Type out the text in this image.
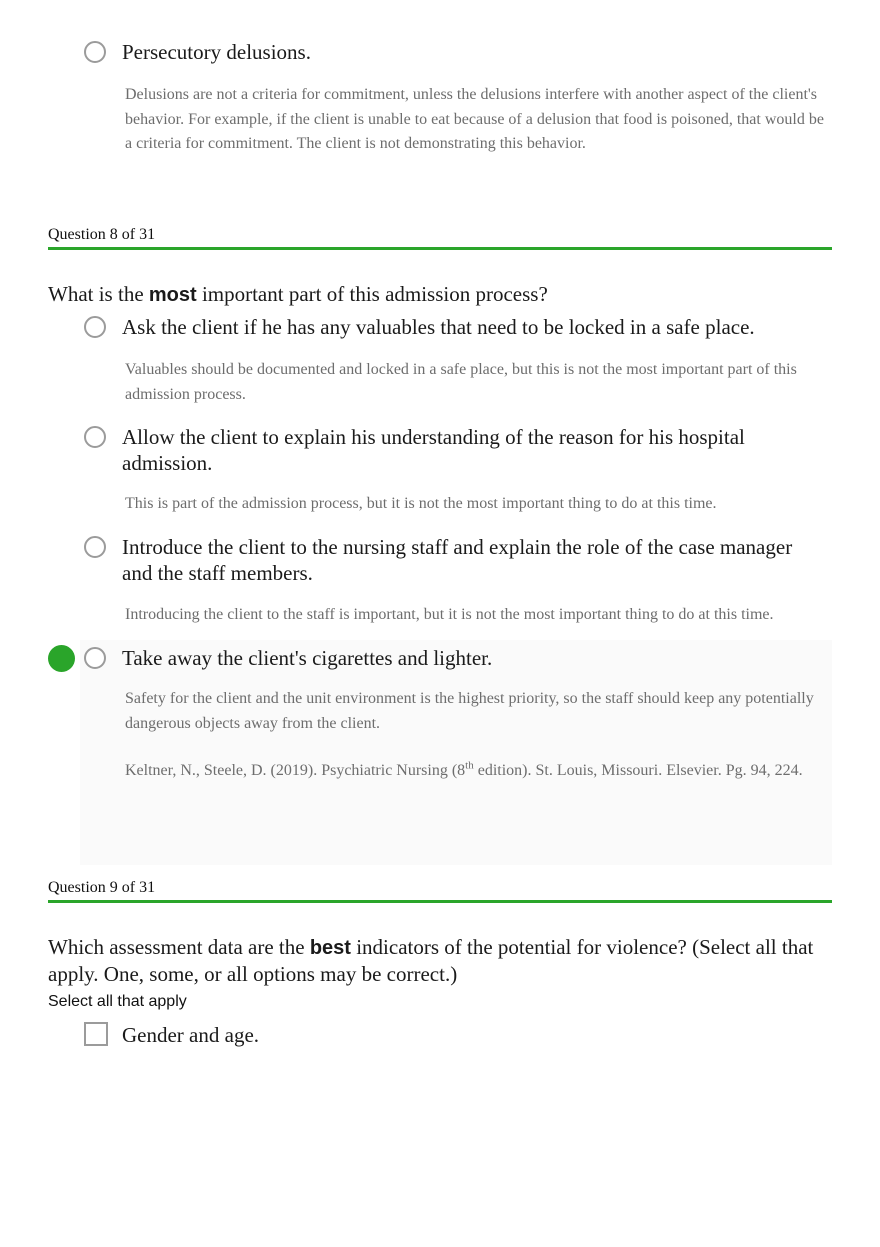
Persecutory delusions.
Delusions are not a criteria for commitment, unless the delusions interfere with another aspect of the client's behavior. For example, if the client is unable to eat because of a delusion that food is poisoned, that would be a criteria for commitment. The client is not demonstrating this behavior.
Question 8 of 31
What is the most important part of this admission process?
Ask the client if he has any valuables that need to be locked in a safe place.
Valuables should be documented and locked in a safe place, but this is not the most important part of this admission process.
Allow the client to explain his understanding of the reason for his hospital admission.
This is part of the admission process, but it is not the most important thing to do at this time.
Introduce the client to the nursing staff and explain the role of the case manager and the staff members.
Introducing the client to the staff is important, but it is not the most important thing to do at this time.
Take away the client's cigarettes and lighter.
Safety for the client and the unit environment is the highest priority, so the staff should keep any potentially dangerous objects away from the client.
Keltner, N., Steele, D. (2019). Psychiatric Nursing (8th edition). St. Louis, Missouri. Elsevier. Pg. 94, 224.
Question 9 of 31
Which assessment data are the best indicators of the potential for violence? (Select all that apply. One, some, or all options may be correct.)
Select all that apply
Gender and age.
